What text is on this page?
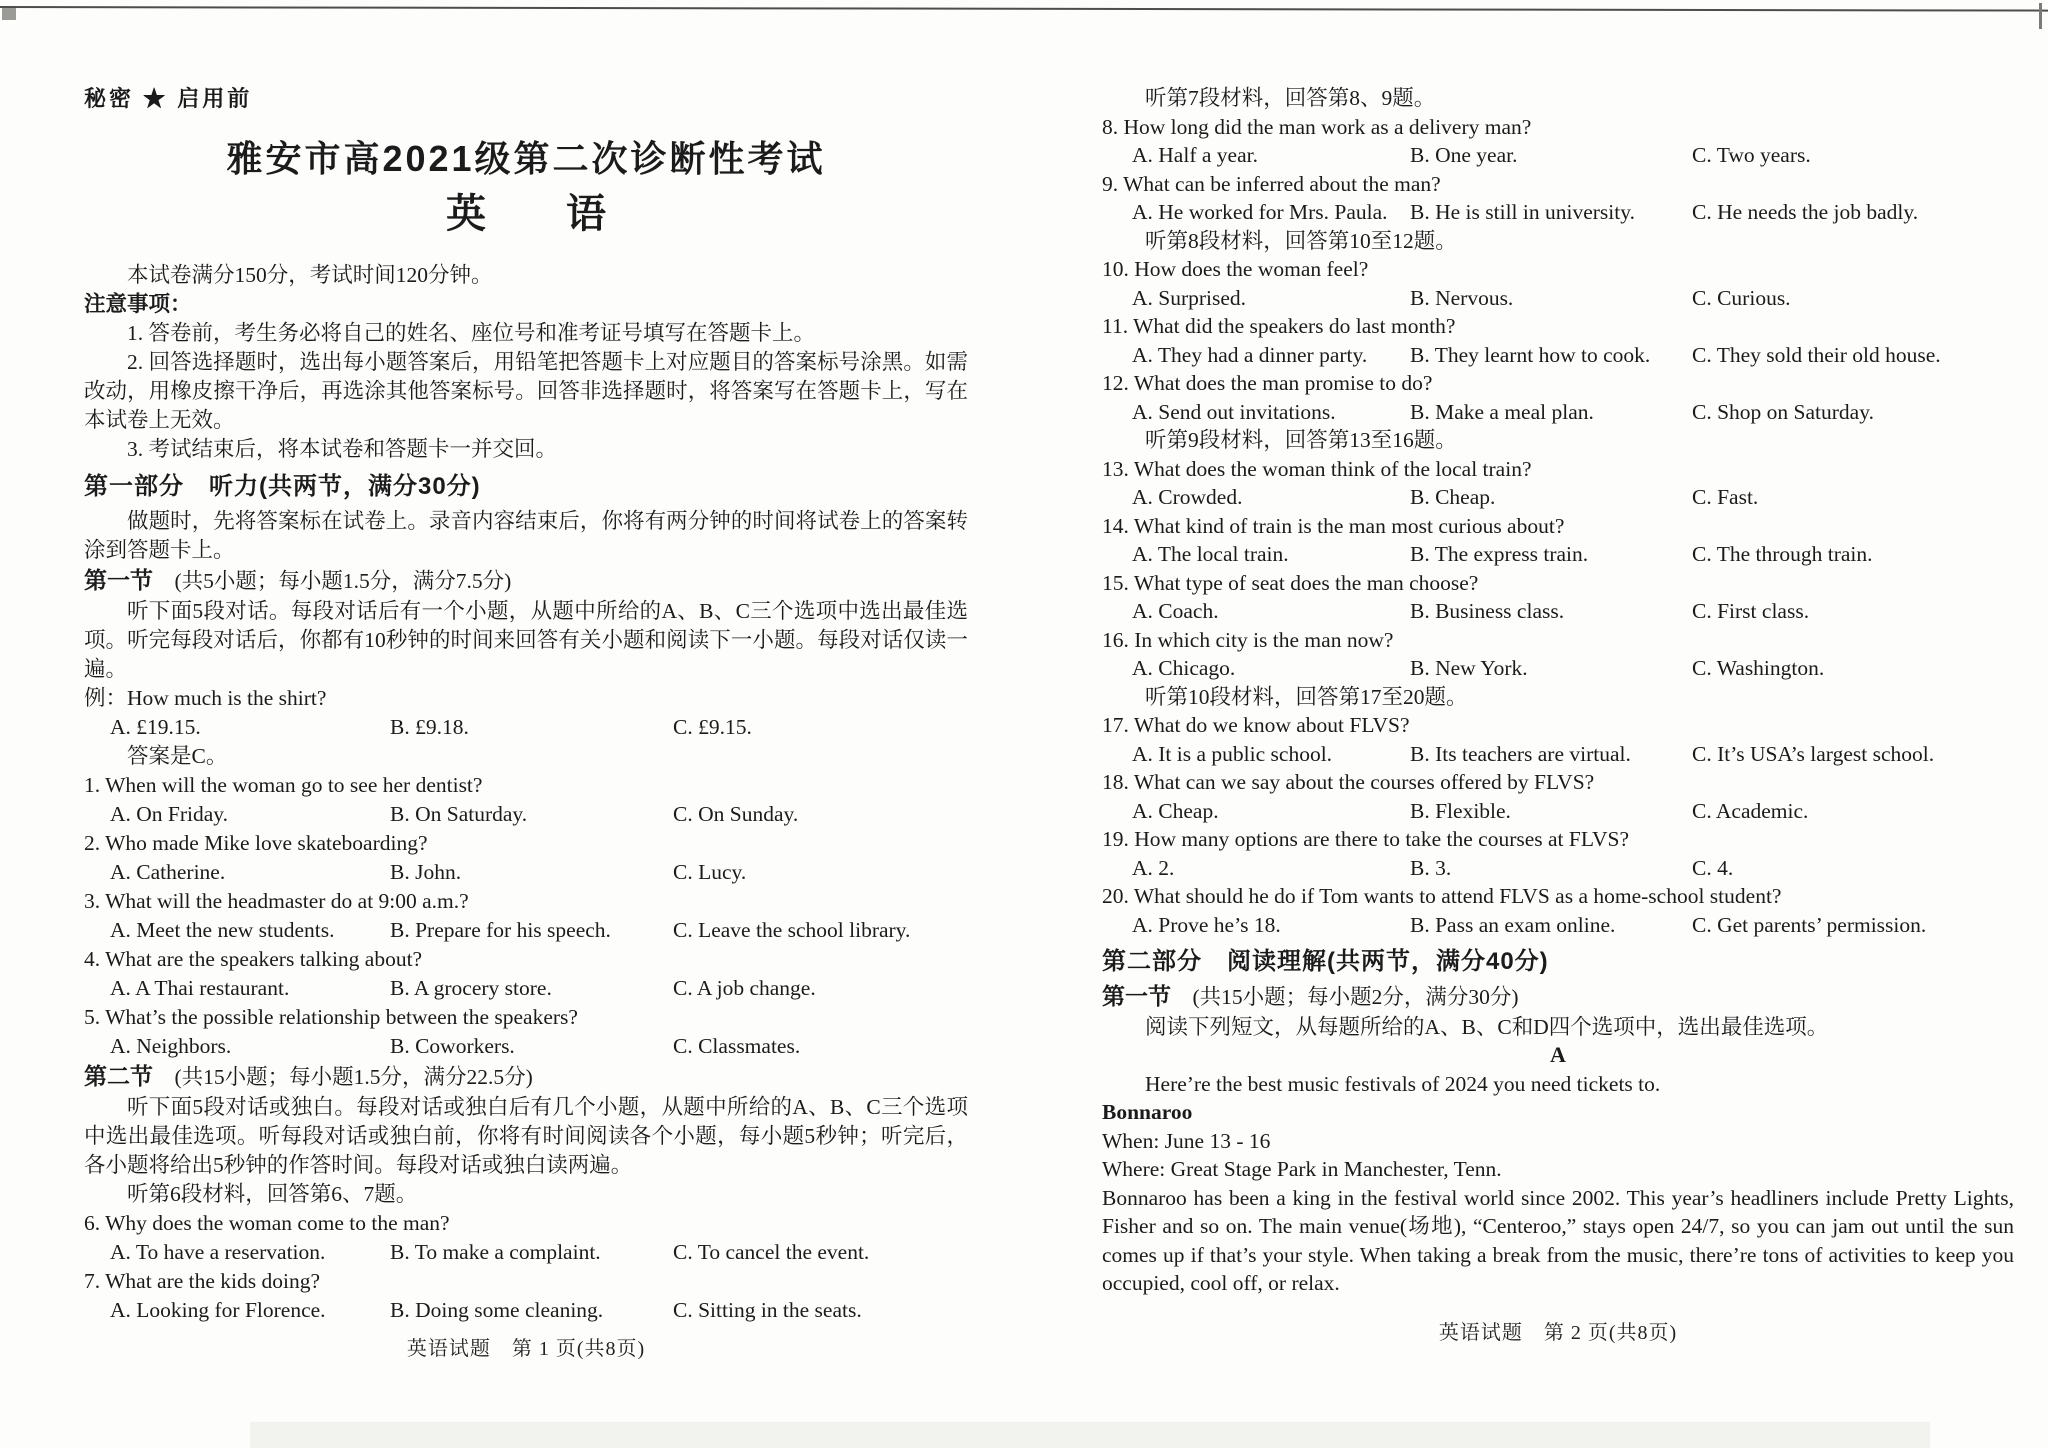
秘密 ★ 启用前
雅安市高2021级第二次诊断性考试
英　　语
本试卷满分150分，考试时间120分钟。
注意事项：
1. 答卷前，考生务必将自己的姓名、座位号和准考证号填写在答题卡上。
2. 回答选择题时，选出每小题答案后，用铅笔把答题卡上对应题目的答案标号涂黑。如需改动，用橡皮擦干净后，再选涂其他答案标号。回答非选择题时，将答案写在答题卡上，写在本试卷上无效。
3. 考试结束后，将本试卷和答题卡一并交回。
第一部分　听力(共两节，满分30分)
做题时，先将答案标在试卷上。录音内容结束后，你将有两分钟的时间将试卷上的答案转涂到答题卡上。
第一节　(共5小题；每小题1.5分，满分7.5分)
听下面5段对话。每段对话后有一个小题，从题中所给的A、B、C三个选项中选出最佳选项。听完每段对话后，你都有10秒钟的时间来回答有关小题和阅读下一小题。每段对话仅读一遍。
例：How much is the shirt?
A. £19.15.	B. £9.18.	C. £9.15.
答案是C。
1. When will the woman go to see her dentist?
A. On Friday.	B. On Saturday.	C. On Sunday.
2. Who made Mike love skateboarding?
A. Catherine.	B. John.	C. Lucy.
3. What will the headmaster do at 9:00 a.m.?
A. Meet the new students.	B. Prepare for his speech.	C. Leave the school library.
4. What are the speakers talking about?
A. A Thai restaurant.	B. A grocery store.	C. A job change.
5. What’s the possible relationship between the speakers?
A. Neighbors.	B. Coworkers.	C. Classmates.
第二节　(共15小题；每小题1.5分，满分22.5分)
听下面5段对话或独白。每段对话或独白后有几个小题，从题中所给的A、B、C三个选项中选出最佳选项。听每段对话或独白前，你将有时间阅读各个小题，每小题5秒钟；听完后，各小题将给出5秒钟的作答时间。每段对话或独白读两遍。
听第6段材料，回答第6、7题。
6. Why does the woman come to the man?
A. To have a reservation.	B. To make a complaint.	C. To cancel the event.
7. What are the kids doing?
A. Looking for Florence.	B. Doing some cleaning.	C. Sitting in the seats.
英语试题　第 1 页(共8页)
听第7段材料，回答第8、9题。
8. How long did the man work as a delivery man?
A. Half a year.	B. One year.	C. Two years.
9. What can be inferred about the man?
A. He worked for Mrs. Paula.	B. He is still in university.	C. He needs the job badly.
听第8段材料，回答第10至12题。
10. How does the woman feel?
A. Surprised.	B. Nervous.	C. Curious.
11. What did the speakers do last month?
A. They had a dinner party.	B. They learnt how to cook.	C. They sold their old house.
12. What does the man promise to do?
A. Send out invitations.	B. Make a meal plan.	C. Shop on Saturday.
听第9段材料，回答第13至16题。
13. What does the woman think of the local train?
A. Crowded.	B. Cheap.	C. Fast.
14. What kind of train is the man most curious about?
A. The local train.	B. The express train.	C. The through train.
15. What type of seat does the man choose?
A. Coach.	B. Business class.	C. First class.
16. In which city is the man now?
A. Chicago.	B. New York.	C. Washington.
听第10段材料，回答第17至20题。
17. What do we know about FLVS?
A. It is a public school.	B. Its teachers are virtual.	C. It’s USA’s largest school.
18. What can we say about the courses offered by FLVS?
A. Cheap.	B. Flexible.	C. Academic.
19. How many options are there to take the courses at FLVS?
A. 2.	B. 3.	C. 4.
20. What should he do if Tom wants to attend FLVS as a home-school student?
A. Prove he’s 18.	B. Pass an exam online.	C. Get parents’ permission.
第二部分　阅读理解(共两节，满分40分)
第一节　(共15小题；每小题2分，满分30分)
阅读下列短文，从每题所给的A、B、C和D四个选项中，选出最佳选项。
A
Here’re the best music festivals of 2024 you need tickets to.
Bonnaroo
When: June 13 - 16
Where: Great Stage Park in Manchester, Tenn.
Bonnaroo has been a king in the festival world since 2002. This year’s headliners include Pretty Lights, Fisher and so on. The main venue(场地), “Centeroo,” stays open 24/7, so you can jam out until the sun comes up if that’s your style. When taking a break from the music, there’re tons of activities to keep you occupied, cool off, or relax.
英语试题　第 2 页(共8页)
